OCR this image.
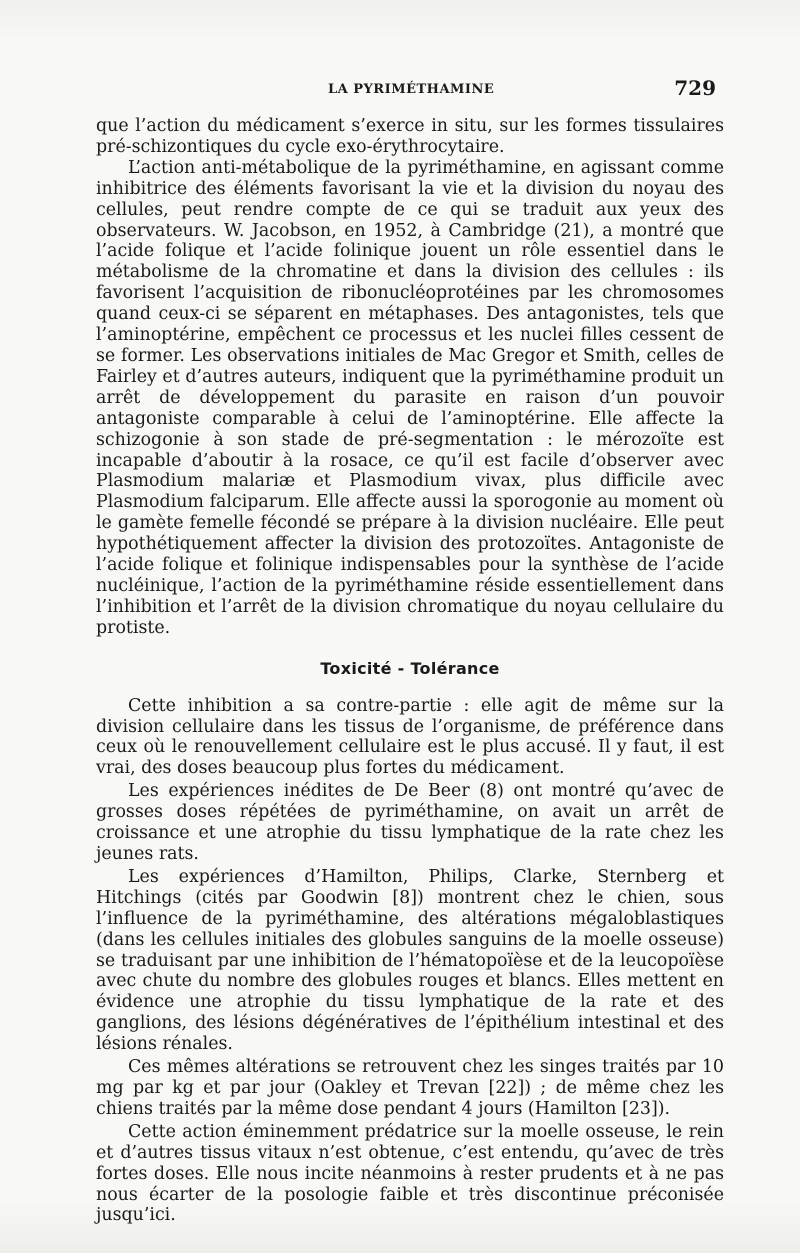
LA PYRIMÉTHAMINE	729

que l’action du médicament s’exerce in situ, sur les formes tissulaires pré-schizontiques du cycle exo-érythrocytaire.

L’action anti-métabolique de la pyriméthamine, en agissant comme inhibitrice des éléments favorisant la vie et la division du noyau des cellules, peut rendre compte de ce qui se traduit aux yeux des observateurs. W. Jacobson, en 1952, à Cambridge (21), a montré que l’acide folique et l’acide folinique jouent un rôle essentiel dans le métabolisme de la chromatine et dans la division des cellules : ils favorisent l’acquisition de ribonucléoprotéines par les chromosomes quand ceux-ci se séparent en métaphases. Des antagonistes, tels que l’aminoptérine, empêchent ce processus et les nuclei filles cessent de se former. Les observations initiales de Mac Gregor et Smith, celles de Fairley et d’autres auteurs, indiquent que la pyriméthamine produit un arrêt de développement du parasite en raison d’un pouvoir antagoniste comparable à celui de l’aminoptérine. Elle affecte la schizogonie à son stade de pré-segmentation : le mérozoïte est incapable d’aboutir à la rosace, ce qu’il est facile d’observer avec Plasmodium malariæ et Plasmodium vivax, plus difficile avec Plasmodium falciparum. Elle affecte aussi la sporogonie au moment où le gamète femelle fécondé se prépare à la division nucléaire. Elle peut hypothétiquement affecter la division des protozoïtes. Antagoniste de l’acide folique et folinique indispensables pour la synthèse de l’acide nucléinique, l’action de la pyriméthamine réside essentiellement dans l’inhibition et l’arrêt de la division chromatique du noyau cellulaire du protiste.

Toxicité - Tolérance

Cette inhibition a sa contre-partie : elle agit de même sur la division cellulaire dans les tissus de l’organisme, de préférence dans ceux où le renouvellement cellulaire est le plus accusé. Il y faut, il est vrai, des doses beaucoup plus fortes du médicament.

Les expériences inédites de De Beer (8) ont montré qu’avec de grosses doses répétées de pyriméthamine, on avait un arrêt de croissance et une atrophie du tissu lymphatique de la rate chez les jeunes rats.

Les expériences d’Hamilton, Philips, Clarke, Sternberg et Hitchings (cités par Goodwin [8]) montrent chez le chien, sous l’influence de la pyriméthamine, des altérations mégaloblastiques (dans les cellules initiales des globules sanguins de la moelle osseuse) se traduisant par une inhibition de l’hématopoïèse et de la leucopoïèse avec chute du nombre des globules rouges et blancs. Elles mettent en évidence une atrophie du tissu lymphatique de la rate et des ganglions, des lésions dégénératives de l’épithélium intestinal et des lésions rénales.

Ces mêmes altérations se retrouvent chez les singes traités par 10 mg par kg et par jour (Oakley et Trevan [22]) ; de même chez les chiens traités par la même dose pendant 4 jours (Hamilton [23]).

Cette action éminemment prédatrice sur la moelle osseuse, le rein et d’autres tissus vitaux n’est obtenue, c’est entendu, qu’avec de très fortes doses. Elle nous incite néanmoins à rester prudents et à ne pas nous écarter de la posologie faible et très discontinue préconisée jusqu’ici.
